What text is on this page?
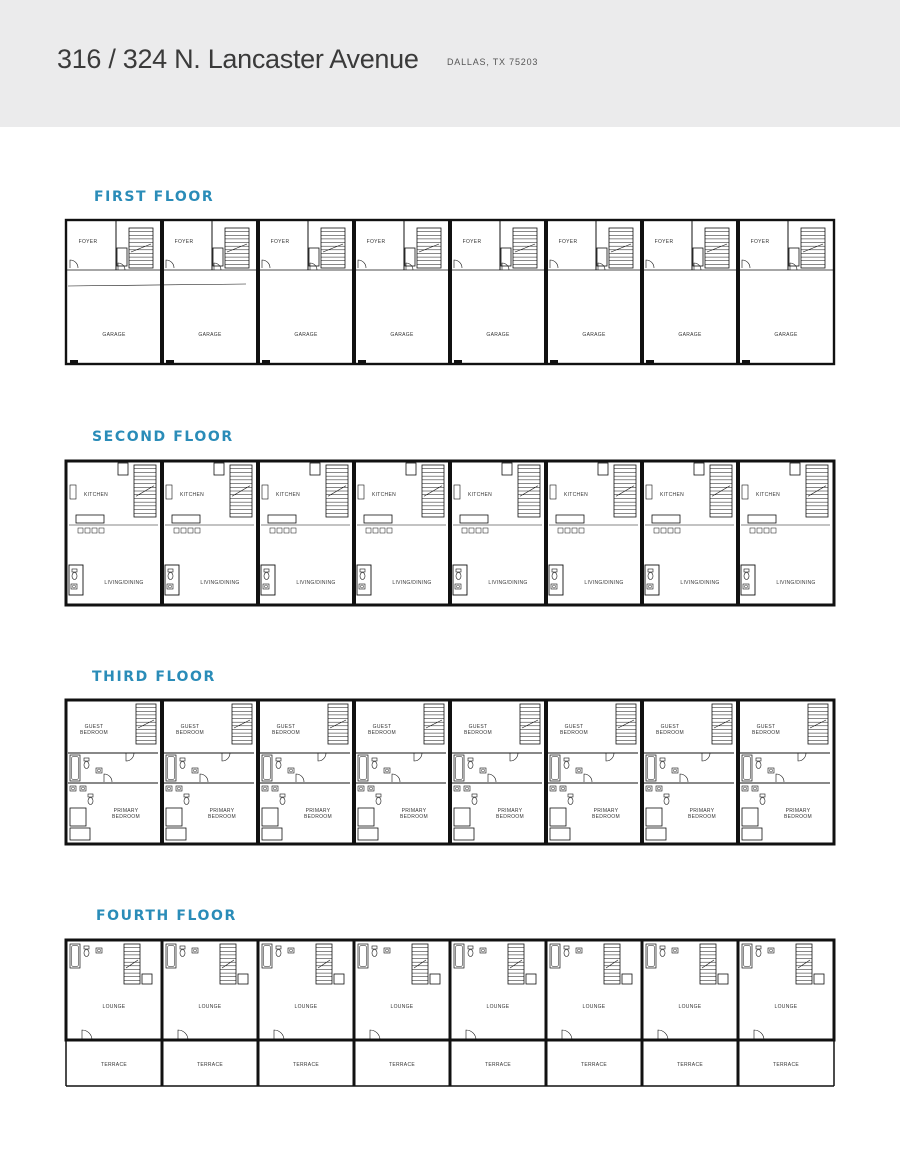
316 / 324 N. Lancaster Avenue	DALLAS, TX 75203
FIRST FLOOR
FOYER
GARAGE
FOYER
GARAGE
FOYER
GARAGE
FOYER
GARAGE
FOYER
GARAGE
FOYER
GARAGE
FOYER
GARAGE
FOYER
GARAGE
SECOND FLOOR
KITCHEN
LIVING/DINING
KITCHEN
LIVING/DINING
KITCHEN
LIVING/DINING
KITCHEN
LIVING/DINING
KITCHEN
LIVING/DINING
KITCHEN
LIVING/DINING
KITCHEN
LIVING/DINING
KITCHEN
LIVING/DINING
THIRD FLOOR
GUEST
BEDROOM
PRIMARY
BEDROOM
GUEST
BEDROOM
PRIMARY
BEDROOM
GUEST
BEDROOM
PRIMARY
BEDROOM
GUEST
BEDROOM
PRIMARY
BEDROOM
GUEST
BEDROOM
PRIMARY
BEDROOM
GUEST
BEDROOM
PRIMARY
BEDROOM
GUEST
BEDROOM
PRIMARY
BEDROOM
GUEST
BEDROOM
PRIMARY
BEDROOM
FOURTH FLOOR
LOUNGE
TERRACE
LOUNGE
TERRACE
LOUNGE
TERRACE
LOUNGE
TERRACE
LOUNGE
TERRACE
LOUNGE
TERRACE
LOUNGE
TERRACE
LOUNGE
TERRACE
